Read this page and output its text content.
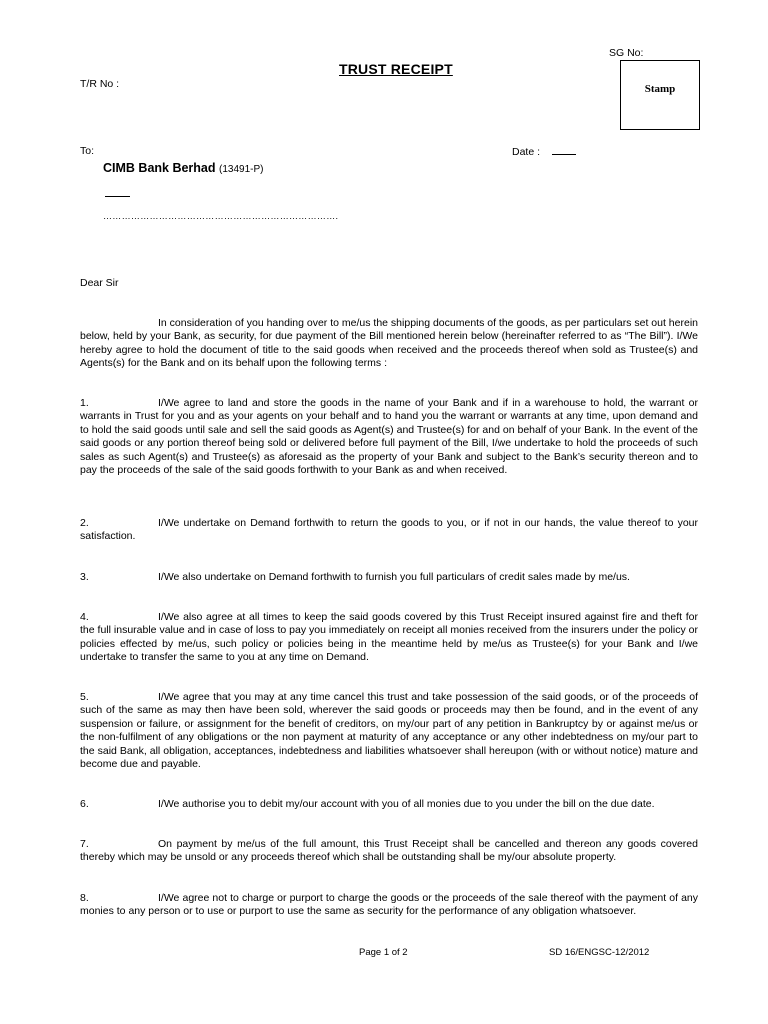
SG No:
Stamp
TRUST RECEIPT
T/R No :
To:	Date :
CIMB Bank Berhad (13491-P)
………………………………………………………………….
Dear Sir
In consideration of you handing over to me/us the shipping documents of the goods, as per particulars set out herein below, held by your Bank, as security, for due payment of the Bill mentioned herein below (hereinafter referred to as “The Bill”). I/We hereby agree to hold the document of title to the said goods when received and the proceeds thereof when sold as Trustee(s) and Agents(s) for the Bank and on its behalf upon the following terms :
1.	I/We agree to land and store the goods in the name of your Bank and if in a warehouse to hold, the warrant or warrants in Trust for you and as your agents on your behalf and to hand you the warrant or warrants at any time, upon demand and to hold the said goods until sale and sell the said goods as Agent(s) and Trustee(s) for and on behalf of your Bank. In the event of the said goods or any portion thereof being sold or delivered before full payment of the Bill, I/we undertake to hold the proceeds of such sales as such Agent(s) and Trustee(s) as aforesaid as the property of your Bank and subject to the Bank’s security thereon and to pay the proceeds of the sale of the said goods forthwith to your Bank as and when received.
2.	I/We undertake on Demand forthwith to return the goods to you, or if not in our hands, the value thereof to your satisfaction.
3.	I/We also undertake on Demand forthwith to furnish you full particulars of credit sales made by me/us.
4.	I/We also agree at all times to keep the said goods covered by this Trust Receipt insured against fire and theft for the full insurable value and in case of loss to pay you immediately on receipt all monies received from the insurers under the policy or policies effected by me/us, such policy or policies being in the meantime held by me/us as Trustee(s) for your Bank and I/we undertake to transfer the same to you at any time on Demand.
5.	I/We agree that you may at any time cancel this trust and take possession of the said goods, or of the proceeds of such of the same as may then have been sold, wherever the said goods or proceeds may then be found, and in the event of any suspension or failure, or assignment for the benefit of creditors, on my/our part of any petition in Bankruptcy by or against me/us or the non-fulfilment of any obligations or the non payment at maturity of any acceptance or any other indebtedness on my/our part to the said Bank, all obligation, acceptances, indebtedness and liabilities whatsoever shall hereupon (with or without notice) mature and become due and payable.
6.	I/We authorise you to debit my/our account with you of all monies due to you under the bill on the due date.
7.	On payment by me/us of the full amount, this Trust Receipt shall be cancelled and thereon any goods covered thereby which may be unsold or any proceeds thereof which shall be outstanding shall be my/our absolute property.
8.	I/We agree not to charge or purport to charge the goods or the proceeds of the sale thereof with the payment of any monies to any person or to use or purport to use the same as security for the performance of any obligation whatsoever.
Page 1 of 2	SD 16/ENGSC-12/2012
